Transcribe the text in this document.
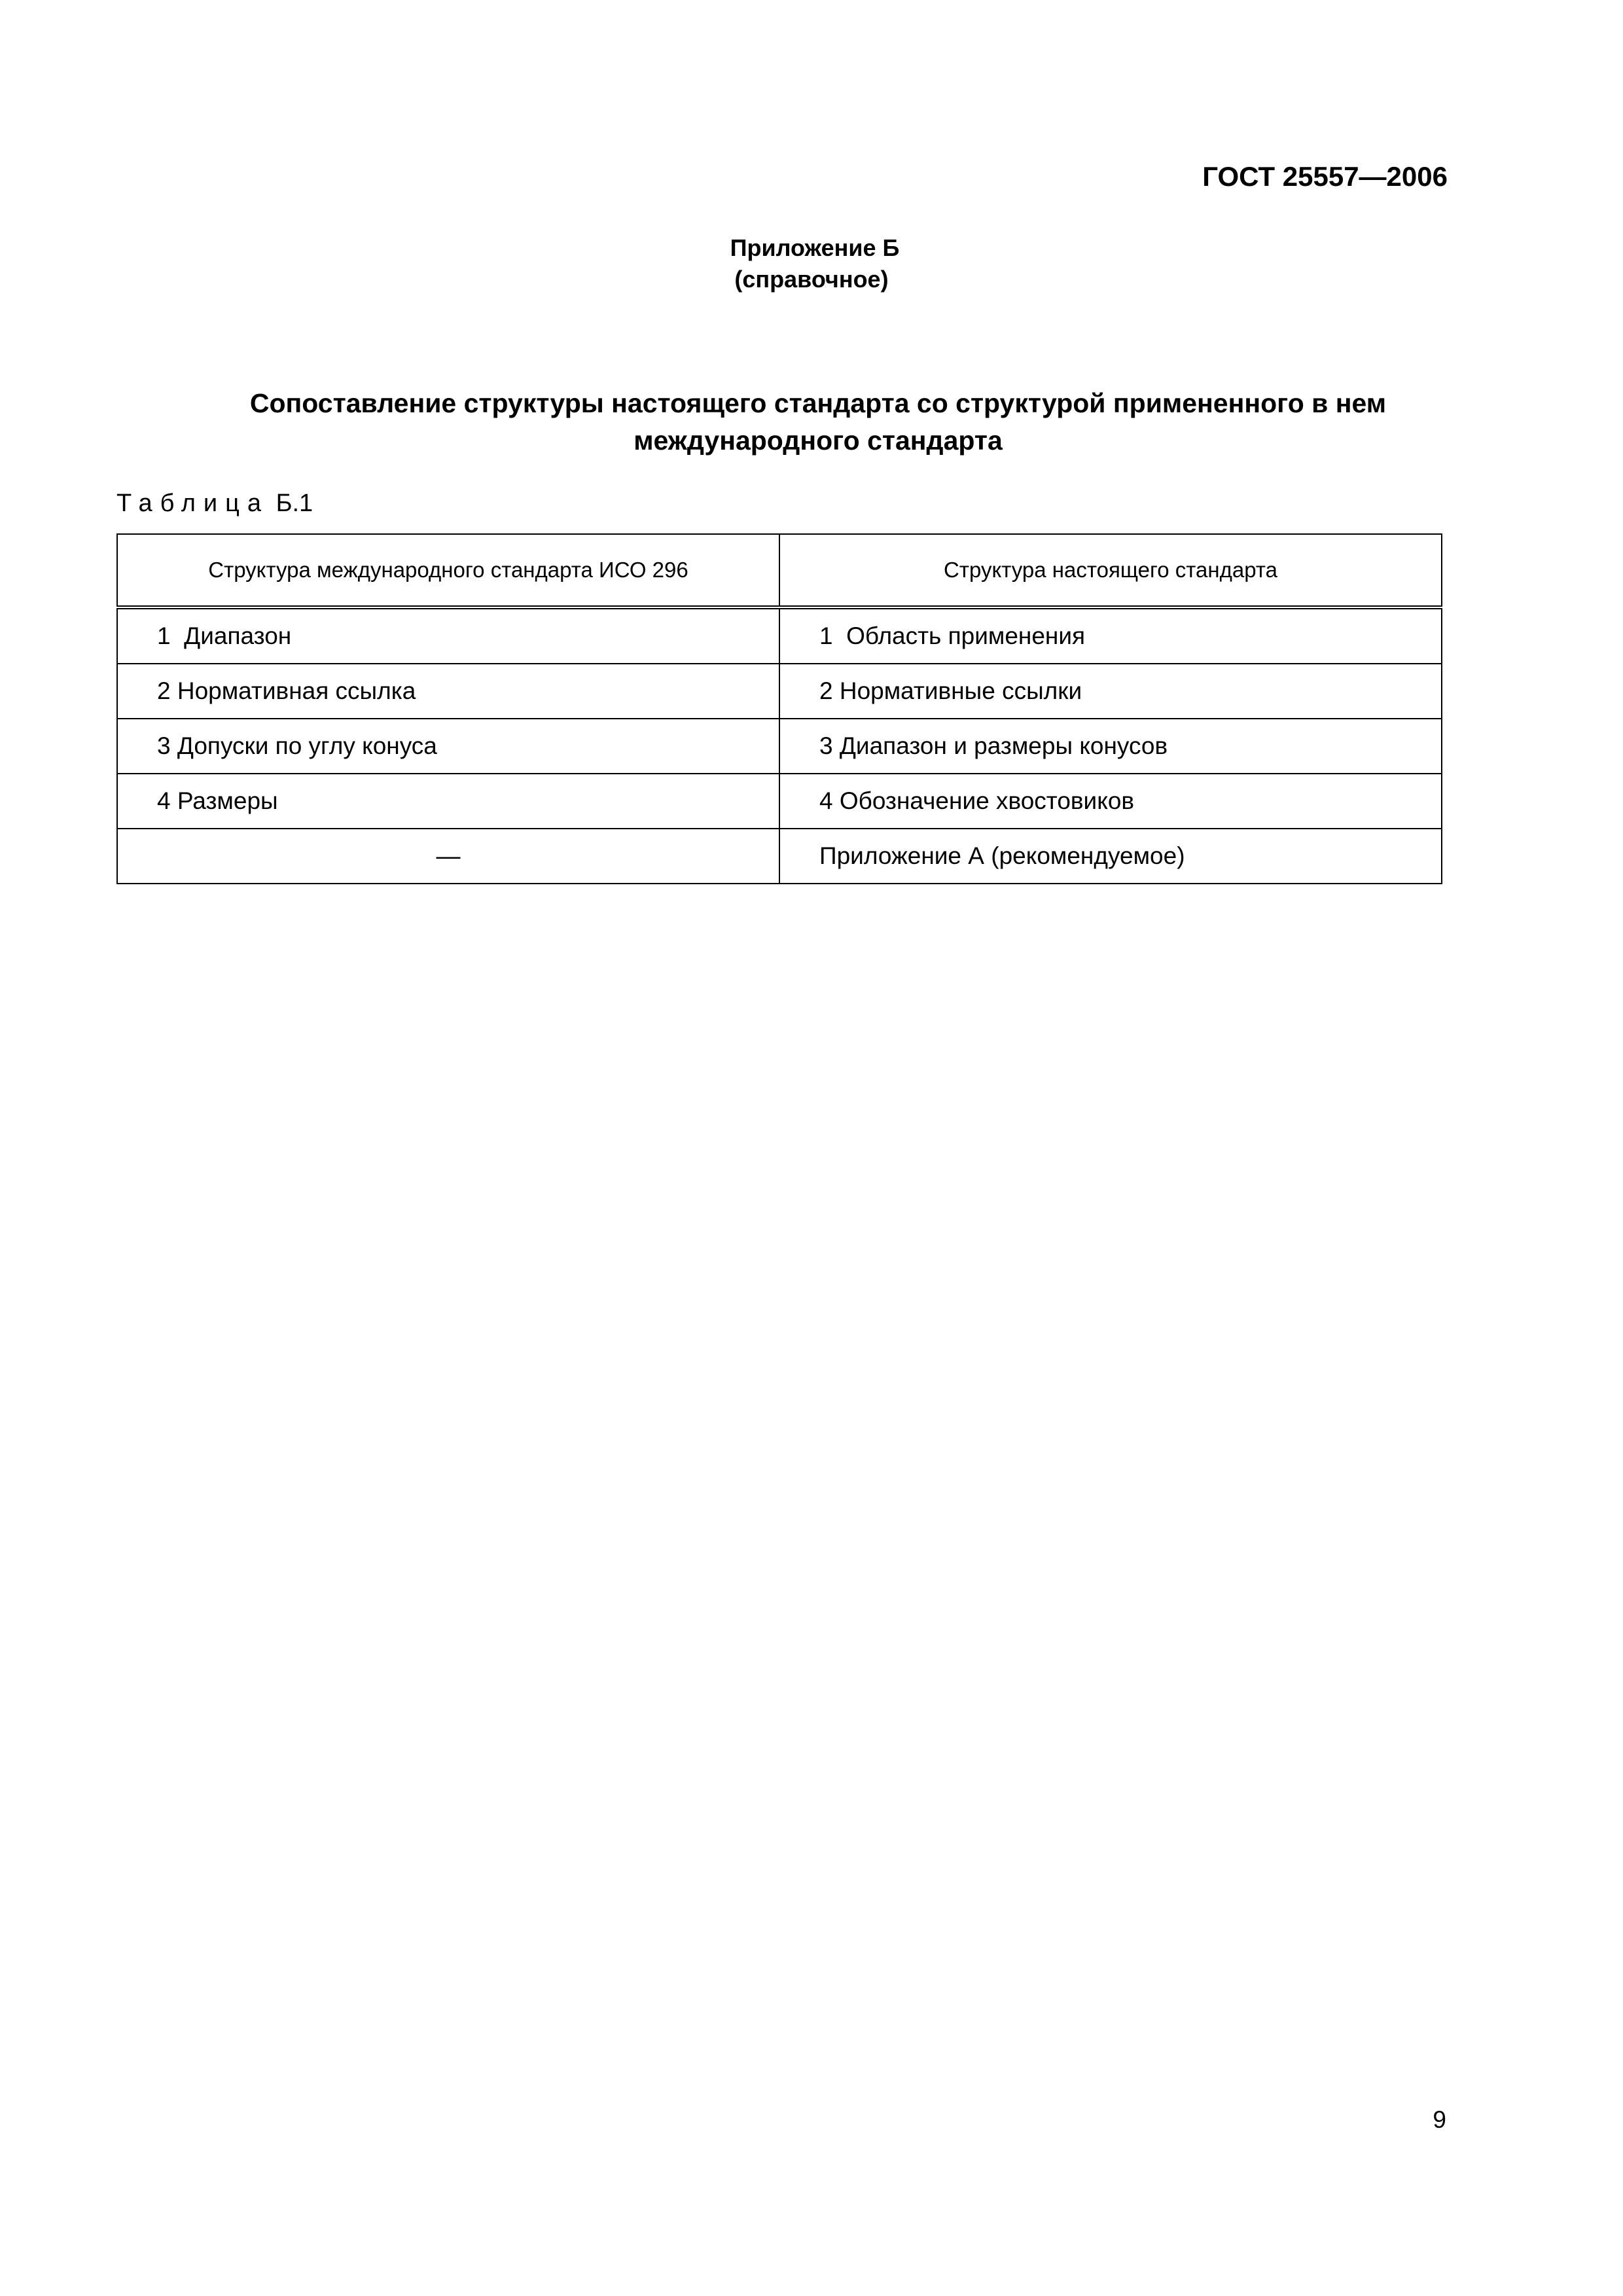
ГОСТ 25557—2006
Приложение Б
(справочное)
Сопоставление структуры настоящего стандарта со структурой примененного в нем
международного стандарта
Таблица Б.1
Структура международного стандарта ИСО 296	Структура настоящего стандарта
1  Диапазон	1  Область применения
2 Нормативная ссылка	2 Нормативные ссылки
3 Допуски по углу конуса	3 Диапазон и размеры конусов
4 Размеры	4 Обозначение хвостовиков
—	Приложение А (рекомендуемое)
9
